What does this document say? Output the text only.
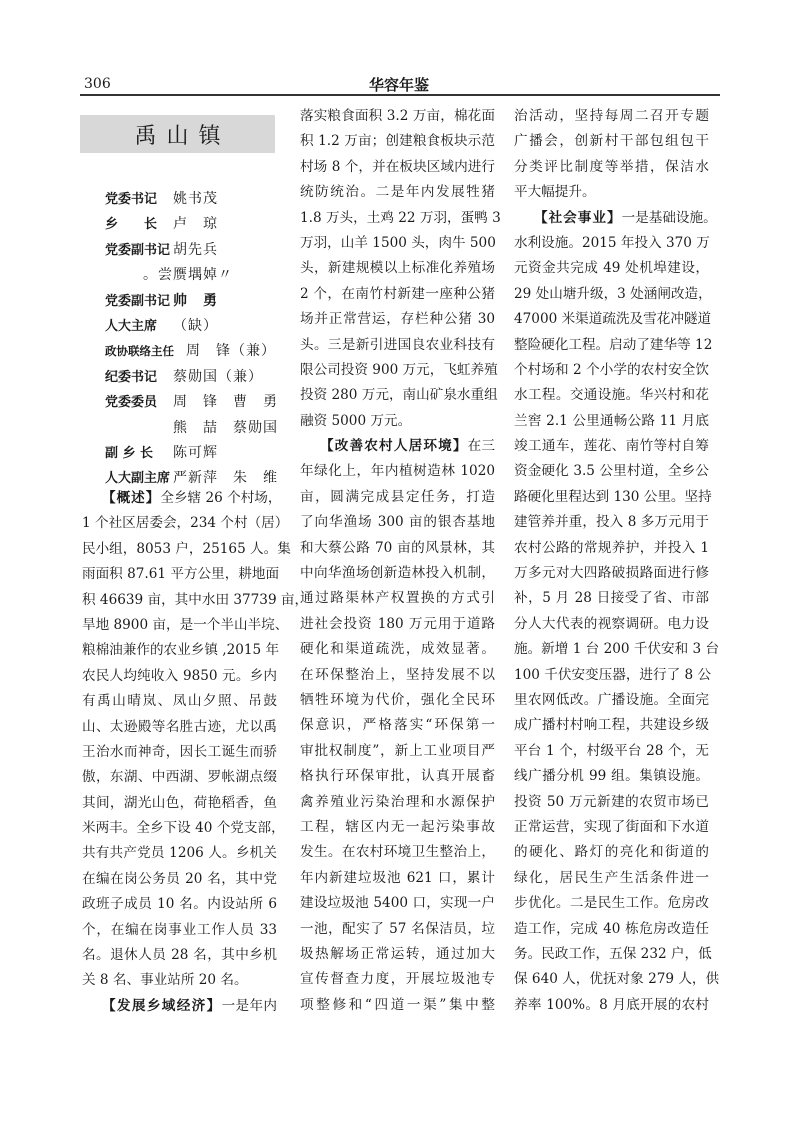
306	华容年鉴
禹山镇
党委书记 姚书茂
乡　　长 卢　琼
党委副书记 胡先兵
。尝赝堣婥〃
党委副书记 帅　勇
人大主席 （缺）
政协联络主任 周　锋（兼）
纪委书记 蔡勋国（兼）
党委委员 周　锋　曹　勇
熊　喆　蔡勋国
副 乡 长 陈可辉
人大副主席 严新萍　朱　维
【概述】全乡辖 26 个村场，
1 个社区居委会，234 个村（居）
民小组，8053 户，25165 人。集
雨面积 87.61 平方公里，耕地面
积 46639 亩，其中水田 37739 亩，
旱地 8900 亩，是一个半山半垸、
粮棉油兼作的农业乡镇 ,2015 年
农民人均纯收入 9850 元。乡内
有禹山晴岚、凤山夕照、吊鼓
山、太逊殿等名胜古迹，尤以禹
王治水而神奇，因长工诞生而骄
傲，东湖、中西湖、罗帐湖点缀
其间，湖光山色，荷艳稻香，鱼
米两丰。全乡下设 40 个党支部，
共有共产党员 1206 人。乡机关
在编在岗公务员 20 名，其中党
政班子成员 10 名。内设站所 6
个，在编在岗事业工作人员 33
名。退休人员 28 名，其中乡机
关 8 名、事业站所 20 名。
【发展乡域经济】一是年内
落实粮食面积 3.2 万亩，棉花面
积 1.2 万亩；创建粮食板块示范
村场 8 个，并在板块区域内进行
统防统治。二是年内发展牲猪
1.8 万头，土鸡 22 万羽，蛋鸭 3
万羽，山羊 1500 头，肉牛 500
头，新建规模以上标准化养殖场
2 个，在南竹村新建一座种公猪
场并正常营运，存栏种公猪 30
头。三是新引进国良农业科技有
限公司投资 900 万元，飞虹养殖
投资 280 万元，南山矿泉水重组
融资 5000 万元。
【改善农村人居环境】在三
年绿化上，年内植树造林 1020
亩，圆满完成县定任务，打造
了向华渔场 300 亩的银杏基地
和大蔡公路 70 亩的风景林，其
中向华渔场创新造林投入机制，
通过路渠林产权置换的方式引
进社会投资 180 万元用于道路
硬化和渠道疏洗，成效显著。
在环保整治上，坚持发展不以
牺牲环境为代价，强化全民环
保意识，严格落实“环保第一
审批权制度”，新上工业项目严
格执行环保审批，认真开展畜
禽养殖业污染治理和水源保护
工程，辖区内无一起污染事故
发生。在农村环境卫生整治上，
年内新建垃圾池 621 口，累计
建设垃圾池 5400 口，实现一户
一池，配实了 57 名保洁员，垃
圾热解场正常运转，通过加大
宣传督查力度，开展垃圾池专
项整修和“四道一渠”集中整
治活动，坚持每周二召开专题
广播会，创新村干部包组包干
分类评比制度等举措，保洁水
平大幅提升。
【社会事业】一是基础设施。
水利设施。2015 年投入 370 万
元资金共完成 49 处机埠建设，
29 处山塘升级，3 处涵闸改造，
47000 米渠道疏洗及雪花冲隧道
整险硬化工程。启动了建华等 12
个村场和 2 个小学的农村安全饮
水工程。交通设施。华兴村和花
兰窖 2.1 公里通畅公路 11 月底
竣工通车，莲花、南竹等村自筹
资金硬化 3.5 公里村道，全乡公
路硬化里程达到 130 公里。坚持
建管养并重，投入 8 多万元用于
农村公路的常规养护，并投入 1
万多元对大四路破损路面进行修
补，5 月 28 日接受了省、市部
分人大代表的视察调研。电力设
施。新增 1 台 200 千伏安和 3 台
100 千伏安变压器，进行了 8 公
里农网低改。广播设施。全面完
成广播村村响工程，共建设乡级
平台 1 个，村级平台 28 个，无
线广播分机 99 组。集镇设施。
投资 50 万元新建的农贸市场已
正常运营，实现了街面和下水道
的硬化、路灯的亮化和街道的
绿化，居民生产生活条件进一
步优化。二是民生工作。危房改
造工作，完成 40 栋危房改造任
务。民政工作，五保 232 户，低
保 640 人，优抚对象 279 人，供
养率 100%。8 月底开展的农村
